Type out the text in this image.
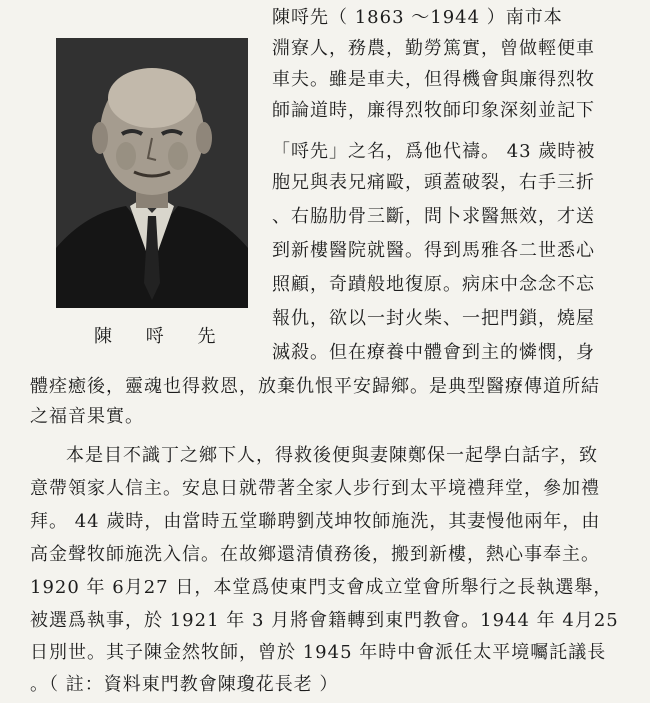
陳 哷 先
陳哷先（ 1863 ～1944 ）南市本
淵寮人，務農，勤勞篤實，曾做輕便車
車夫。雖是車夫，但得機會與廉得烈牧
師論道時，廉得烈牧師印象深刻並記下
「哷先」之名，爲他代禱。 43 歲時被
胞兄與表兄痛毆，頭蓋破裂，右手三折
、右脇肋骨三斷，問卜求醫無效，才送
到新樓醫院就醫。得到馬雅各二世悉心
照顧，奇蹟般地復原。病床中念念不忘
報仇，欲以一封火柴、一把門鎖，燒屋
滅殺。但在療養中體會到主的憐憫，身
體痊癒後，靈魂也得救恩，放棄仇恨平安歸鄉。是典型醫療傳道所結
之福音果實。
本是目不識丁之鄉下人，得救後便與妻陳鄭保一起學白話字，致
意帶領家人信主。安息日就帶著全家人步行到太平境禮拜堂，參加禮
拜。 44 歲時，由當時五堂聯聘劉茂坤牧師施洗，其妻慢他兩年，由
高金聲牧師施洗入信。在故鄉還清債務後，搬到新樓，熱心事奉主。
1920 年 6月27 日，本堂爲使東門支會成立堂會所舉行之長執選舉，
被選爲執事，於 1921 年 3 月將會籍轉到東門教會。1944 年 4月25
日別世。其子陳金然牧師，曾於 1945 年時中會派任太平境囑託議長
。（ 註：資料東門教會陳瓊花長老 ）
